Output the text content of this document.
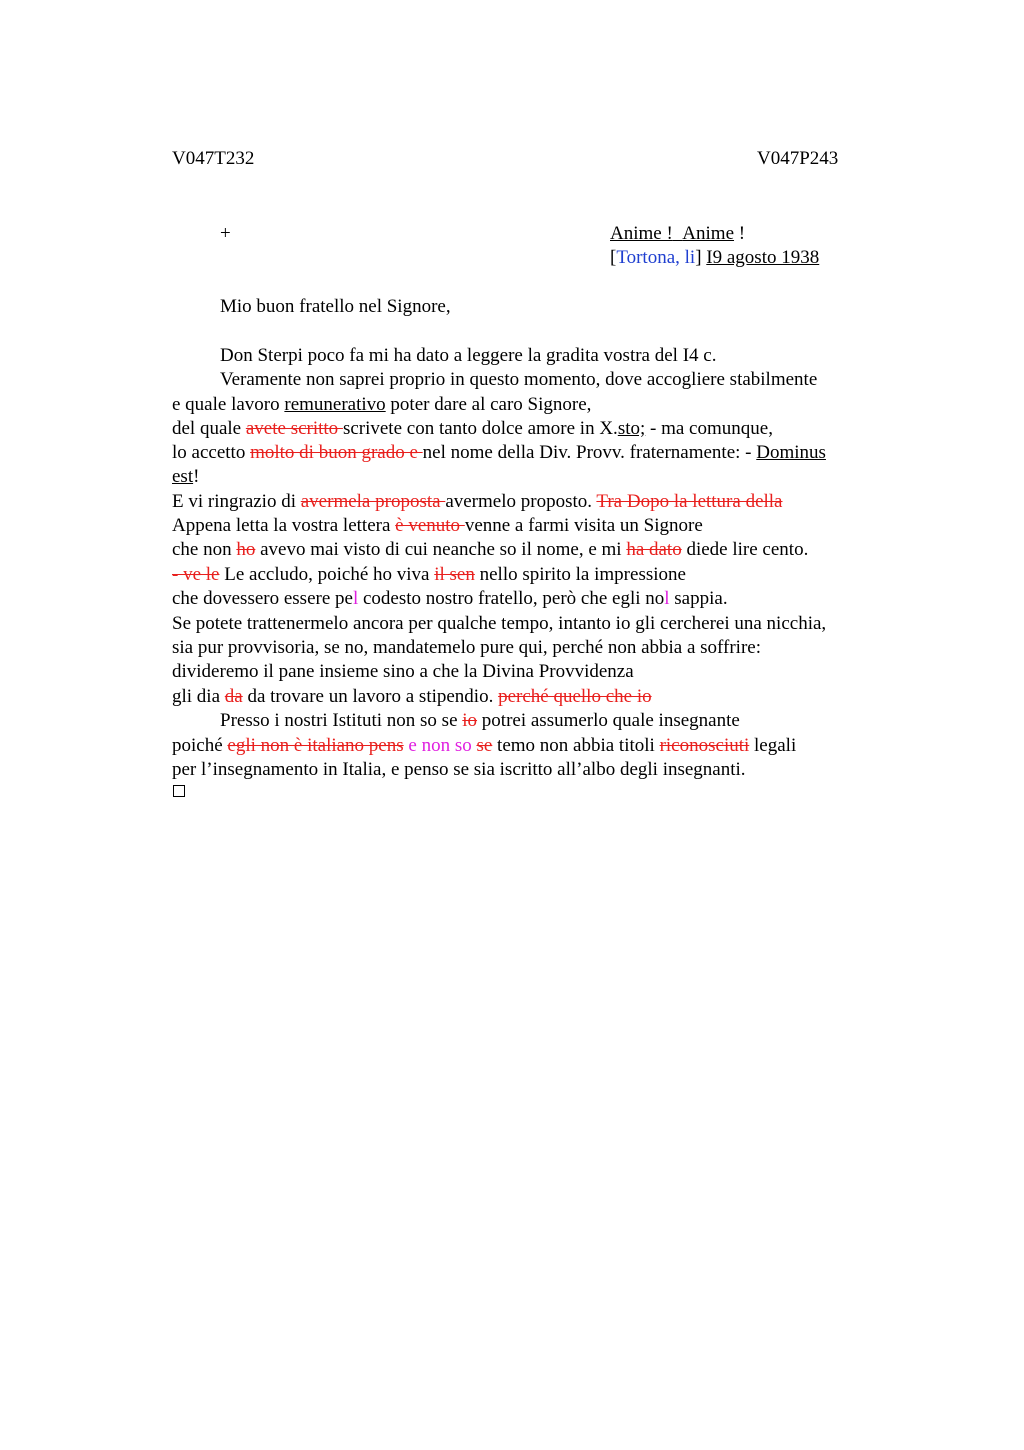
V047T232	V047P243
+	Anime ! Anime !
[Tortona, li] I9 agosto 1938
Mio buon fratello nel Signore,
Don Sterpi poco fa mi ha dato a leggere la gradita vostra del I4 c.
Veramente non saprei proprio in questo momento, dove accogliere stabilmente
e quale lavoro remunerativo poter dare al caro Signore,
del quale avete scritto scrivete con tanto dolce amore in X.sto; - ma comunque,
lo accetto molto di buon grado e nel nome della Div. Provv. fraternamente: - Dominus
est!
E vi ringrazio di avermela proposta avermelo proposto. Tra Dopo la lettura della
Appena letta la vostra lettera è venuto venne a farmi visita un Signore
che non ho avevo mai visto di cui neanche so il nome, e mi ha dato diede lire cento.
- ve le Le accludo, poiché ho viva il sen nello spirito la impressione
che dovessero essere pel codesto nostro fratello, però che egli nol sappia.
Se potete trattenermelo ancora per qualche tempo, intanto io gli cercherei una nicchia,
sia pur provvisoria, se no, mandatemelo pure qui, perché non abbia a soffrire:
divideremo il pane insieme sino a che la Divina Provvidenza
gli dia da da trovare un lavoro a stipendio. perché quello che io
Presso i nostri Istituti non so se io potrei assumerlo quale insegnante
poiché egli non è italiano pens e non so se temo non abbia titoli riconosciuti legali
per l’insegnamento in Italia, e penso se sia iscritto all’albo degli insegnanti.
